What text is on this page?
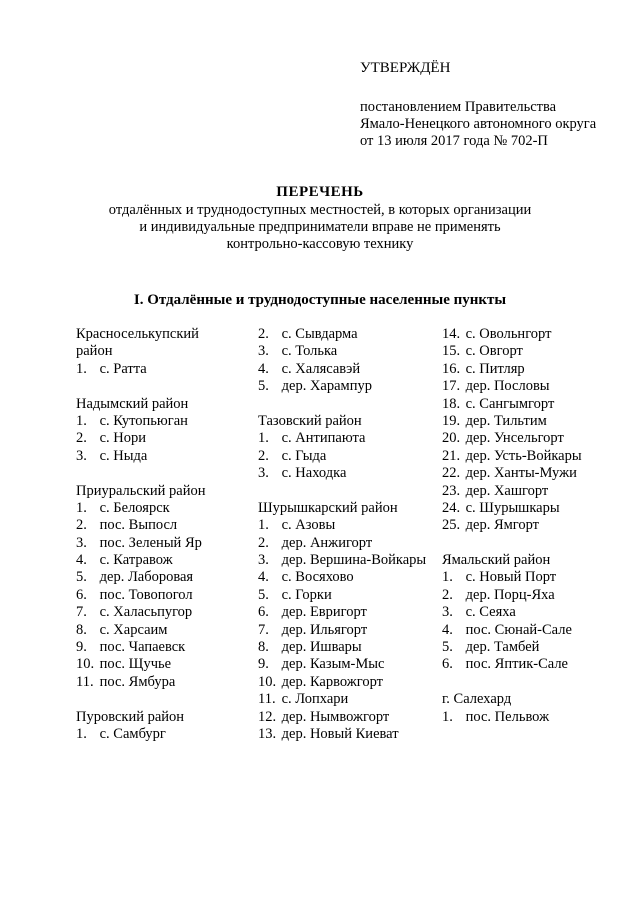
УТВЕРЖДЁН
постановлением Правительства
Ямало-Ненецкого автономного округа
от 13 июля 2017 года № 702-П
ПЕРЕЧЕНЬ
отдалённых и труднодоступных местностей, в которых организации
и индивидуальные предприниматели вправе не применять
контрольно-кассовую технику
I. Отдалённые и труднодоступные населенные пункты
Красноселькупский
район
1. с. Ратта
Надымский район
1. с. Кутопьюган
2. с. Нори
3. с. Ныда
Приуральский район
1. с. Белоярск
2. пос. Выпосл
3. пос. Зеленый Яр
4. с. Катравож
5. дер. Лаборовая
6. пос. Товопогол
7. с. Халасьпугор
8. с. Харсаим
9. пос. Чапаевск
10. пос. Щучье
11. пос. Ямбура
Пуровский район
1. с. Самбург
2. с. Сывдарма
3. с. Толька
4. с. Халясавэй
5. дер. Харампур
Тазовский район
1. с. Антипаюта
2. с. Гыда
3. с. Находка
Шурышкарский район
1. с. Азовы
2. дер. Анжигорт
3. дер. Вершина-Войкары
4. с. Восяхово
5. с. Горки
6. дер. Евригорт
7. дер. Ильягорт
8. дер. Ишвары
9. дер. Казым-Мыс
10. дер. Карвожгорт
11. с. Лопхари
12. дер. Нымвожгорт
13. дер. Новый Киеват
14. с. Овольнгорт
15. с. Овгорт
16. с. Питляр
17. дер. Пословы
18. с. Сангымгорт
19. дер. Тильтим
20. дер. Унсельгорт
21. дер. Усть-Войкары
22. дер. Ханты-Мужи
23. дер. Хашгорт
24. с. Шурышкары
25. дер. Ямгорт
Ямальский район
1. с. Новый Порт
2. дер. Порц-Яха
3. с. Сеяха
4. пос. Сюнай-Сале
5. дер. Тамбей
6. пос. Яптик-Сале
г. Салехард
1. пос. Пельвож
